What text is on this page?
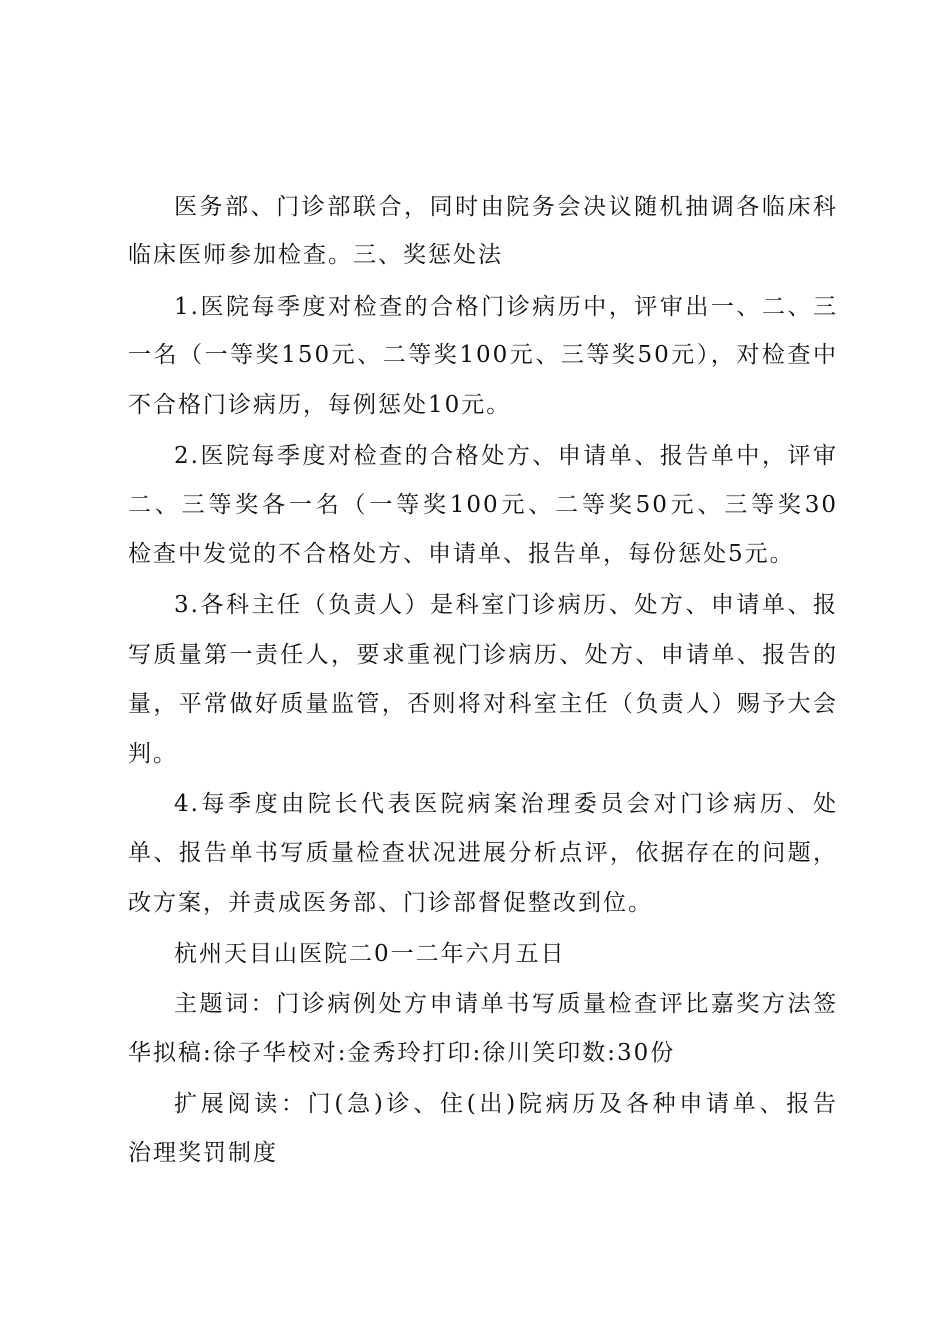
医务部、门诊部联合，同时由院务会决议随机抽调各临床科

临床医师参加检查。三、奖惩处法

1.医院每季度对检查的合格门诊病历中，评审出一、二、三

一名（一等奖150元、二等奖100元、三等奖50元），对检查中

不合格门诊病历，每例惩处10元。

2.医院每季度对检查的合格处方、申请单、报告单中，评审

二、三等奖各一名（一等奖100元、二等奖50元、三等奖30

检查中发觉的不合格处方、申请单、报告单，每份惩处5元。

3.各科主任（负责人）是科室门诊病历、处方、申请单、报

写质量第一责任人，要求重视门诊病历、处方、申请单、报告的

量，平常做好质量监管，否则将对科室主任（负责人）赐予大会

判。

4.每季度由院长代表医院病案治理委员会对门诊病历、处

单、报告单书写质量检查状况进展分析点评，依据存在的问题，

改方案，并责成医务部、门诊部督促整改到位。

杭州天目山医院二0一二年六月五日

主题词：门诊病例处方申请单书写质量检查评比嘉奖方法签

华拟稿:徐子华校对:金秀玲打印:徐川笑印数:30份

扩展阅读：门(急)诊、住(出)院病历及各种申请单、报告

治理奖罚制度
